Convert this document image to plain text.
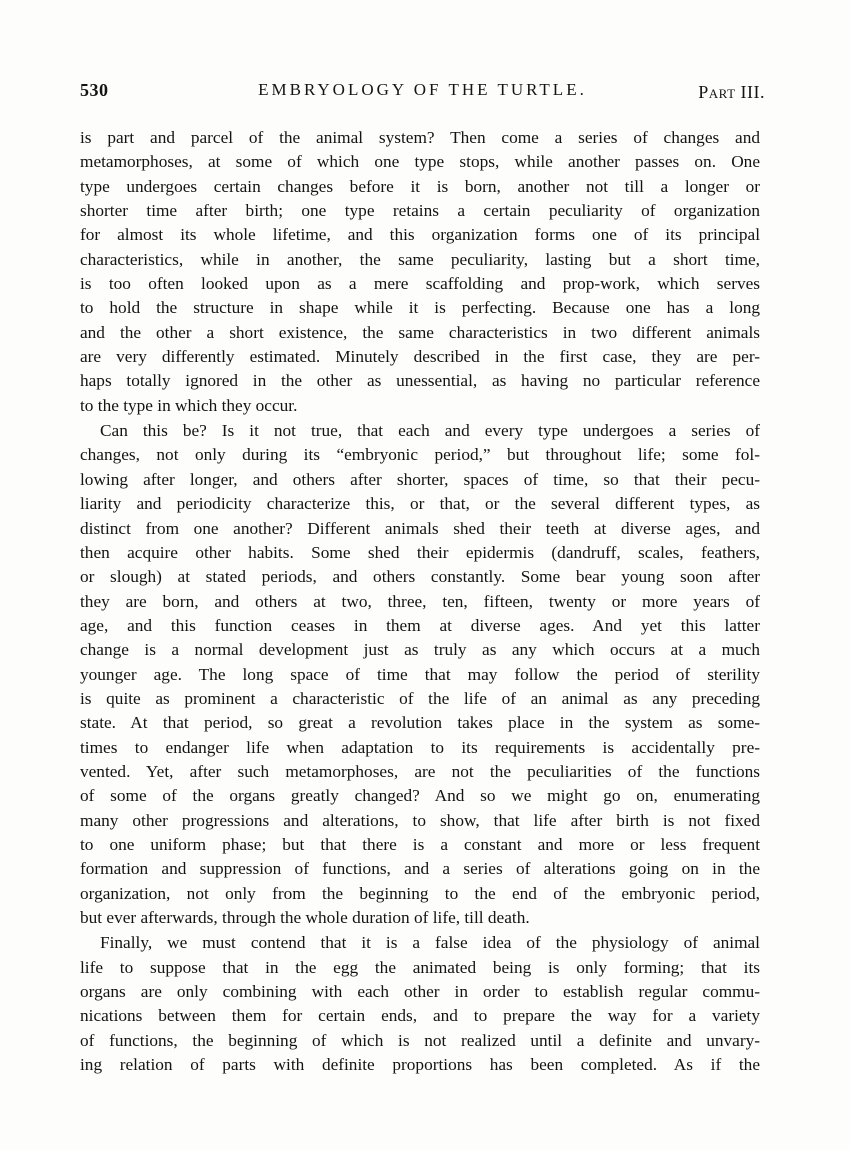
530	EMBRYOLOGY OF THE TURTLE.	Part III.
is part and parcel of the animal system? Then come a series of changes and
metamorphoses, at some of which one type stops, while another passes on. One
type undergoes certain changes before it is born, another not till a longer or
shorter time after birth; one type retains a certain peculiarity of organization
for almost its whole lifetime, and this organization forms one of its principal
characteristics, while in another, the same peculiarity, lasting but a short time,
is too often looked upon as a mere scaffolding and prop-work, which serves
to hold the structure in shape while it is perfecting. Because one has a long
and the other a short existence, the same characteristics in two different animals
are very differently estimated. Minutely described in the first case, they are per-
haps totally ignored in the other as unessential, as having no particular reference
to the type in which they occur.
Can this be? Is it not true, that each and every type undergoes a series of
changes, not only during its “embryonic period,” but throughout life; some fol-
lowing after longer, and others after shorter, spaces of time, so that their pecu-
liarity and periodicity characterize this, or that, or the several different types, as
distinct from one another? Different animals shed their teeth at diverse ages, and
then acquire other habits. Some shed their epidermis (dandruff, scales, feathers,
or slough) at stated periods, and others constantly. Some bear young soon after
they are born, and others at two, three, ten, fifteen, twenty or more years of
age, and this function ceases in them at diverse ages. And yet this latter
change is a normal development just as truly as any which occurs at a much
younger age. The long space of time that may follow the period of sterility
is quite as prominent a characteristic of the life of an animal as any preceding
state. At that period, so great a revolution takes place in the system as some-
times to endanger life when adaptation to its requirements is accidentally pre-
vented. Yet, after such metamorphoses, are not the peculiarities of the functions
of some of the organs greatly changed? And so we might go on, enumerating
many other progressions and alterations, to show, that life after birth is not fixed
to one uniform phase; but that there is a constant and more or less frequent
formation and suppression of functions, and a series of alterations going on in the
organization, not only from the beginning to the end of the embryonic period,
but ever afterwards, through the whole duration of life, till death.
Finally, we must contend that it is a false idea of the physiology of animal
life to suppose that in the egg the animated being is only forming; that its
organs are only combining with each other in order to establish regular commu-
nications between them for certain ends, and to prepare the way for a variety
of functions, the beginning of which is not realized until a definite and unvary-
ing relation of parts with definite proportions has been completed. As if the
